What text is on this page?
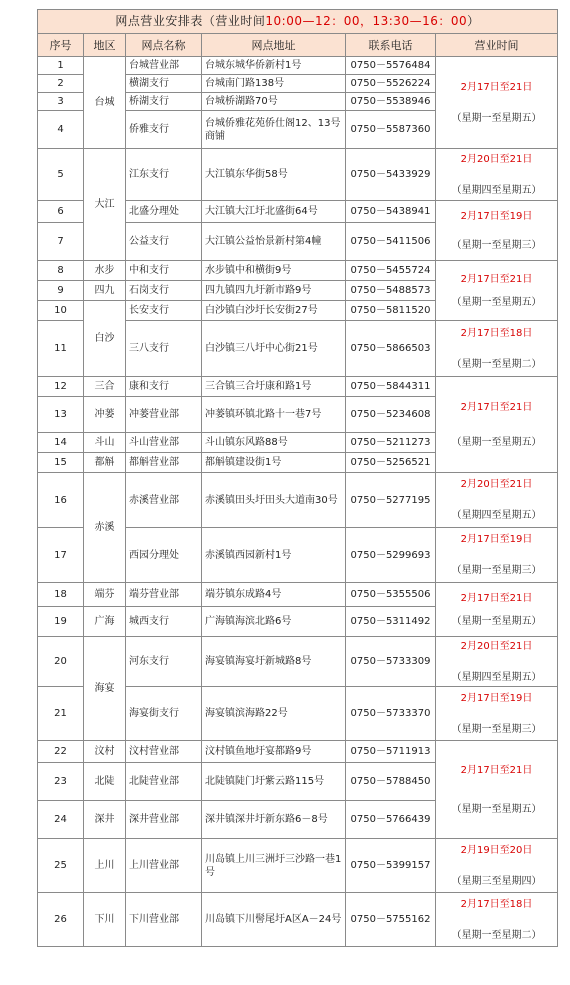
网点营业安排表（营业时间10:00—12：00，13:30—16：00）					
序号	地区	网点名称	网点地址	联系电话	营业时间
1	台城	台城营业部	台城东城华侨新村1号	0750－5576484	2月17日至21日
（星期一至星期五）

2		横湖支行	台城南门路138号	0750－5526224	
3		桥湖支行	台城桥湖路70号	0750－5538946	
4		侨雅支行	台城侨雅花苑侨仕阁12、13号商铺	0750－5587360	
5	大江	江东支行	大江镇东华街58号	0750－5433929	2月20日至21日
（星期四至星期五）

6		北盛分理处	大江镇大江圩北盛街64号	0750－5438941	2月17日至19日
（星期一至星期三）

7		公益支行	大江镇公益怡景新村第4幢	0750－5411506	
8	水步	中和支行	水步镇中和横街9号	0750－5455724	2月17日至21日
（星期一至星期五）

9	四九	石岗支行	四九镇四九圩新市路9号	0750－5488573	
10	白沙	长安支行	白沙镇白沙圩长安街27号	0750－5811520	
11		三八支行	白沙镇三八圩中心街21号	0750－5866503	2月17日至18日
（星期一至星期二）

12	三合	康和支行	三合镇三合圩康和路1号	0750－5844311	2月17日至21日
（星期一至星期五）

13	冲蒌	冲蒌营业部	冲蒌镇环镇北路十一巷7号	0750－5234608	
14	斗山	斗山营业部	斗山镇东风路88号	0750－5211273	
15	都斛	都斛营业部	都斛镇建设街1号	0750－5256521	
16	赤溪	赤溪营业部	赤溪镇田头圩田头大道南30号	0750－5277195	2月20日至21日
（星期四至星期五）

17		西园分理处	赤溪镇西园新村1号	0750－5299693	2月17日至19日
（星期一至星期三）

18	端芬	端芬营业部	端芬镇东成路4号	0750－5355506	2月17日至21日
（星期一至星期五）

19	广海	城西支行	广海镇海滨北路6号	0750－5311492	
20	海宴	河东支行	海宴镇海宴圩新城路8号	0750－5733309	2月20日至21日
（星期四至星期五）

21		海宴街支行	海宴镇滨海路22号	0750－5733370	2月17日至19日
（星期一至星期三）

22	汶村	汶村营业部	汶村镇鱼地圩宴都路9号	0750－5711913	2月17日至21日
（星期一至星期五）

23	北陡	北陡营业部	北陡镇陡门圩紫云路115号	0750－5788450	
24	深井	深井营业部	深井镇深井圩新东路6－8号	0750－5766439	
25	上川	上川营业部	川岛镇上川三洲圩三沙路一巷1号	0750－5399157	2月19日至20日
（星期三至星期四）

26	下川	下川营业部	川岛镇下川髻尾圩A区A－24号	0750－5755162	2月17日至18日
（星期一至星期二）
